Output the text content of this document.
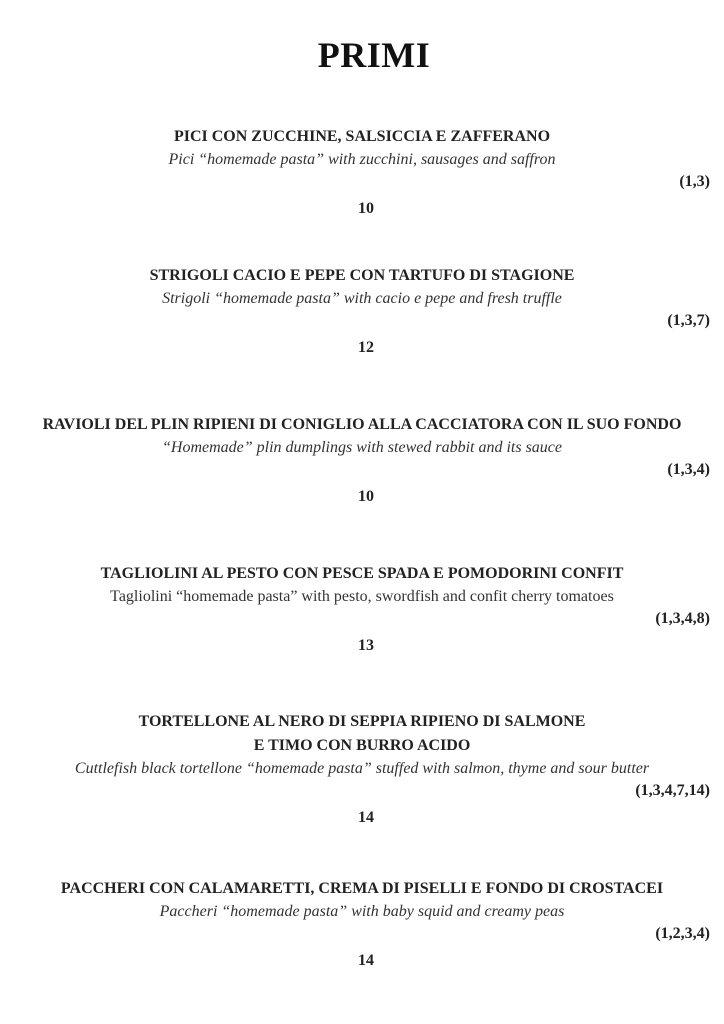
PRIMI
PICI CON ZUCCHINE, SALSICCIA E ZAFFERANO
Pici “homemade pasta” with zucchini, sausages and saffron
(1,3)
10
STRIGOLI CACIO E PEPE CON TARTUFO DI STAGIONE
Strigoli “homemade pasta” with cacio e pepe and fresh truffle
(1,3,7)
12
RAVIOLI DEL PLIN RIPIENI DI CONIGLIO ALLA CACCIATORA CON IL SUO FONDO
“Homemade” plin dumplings with stewed rabbit and its sauce
(1,3,4)
10
TAGLIOLINI AL PESTO CON PESCE SPADA E POMODORINI CONFIT
Tagliolini “homemade pasta” with pesto, swordfish and confit cherry tomatoes
(1,3,4,8)
13
TORTELLONE AL NERO DI SEPPIA RIPIENO DI SALMONE
E TIMO CON BURRO ACIDO
Cuttlefish black tortellone “homemade pasta” stuffed with salmon, thyme and sour butter
(1,3,4,7,14)
14
PACCHERI CON CALAMARETTI, CREMA DI PISELLI E FONDO DI CROSTACEI
Paccheri “homemade pasta” with baby squid and creamy peas
(1,2,3,4)
14
